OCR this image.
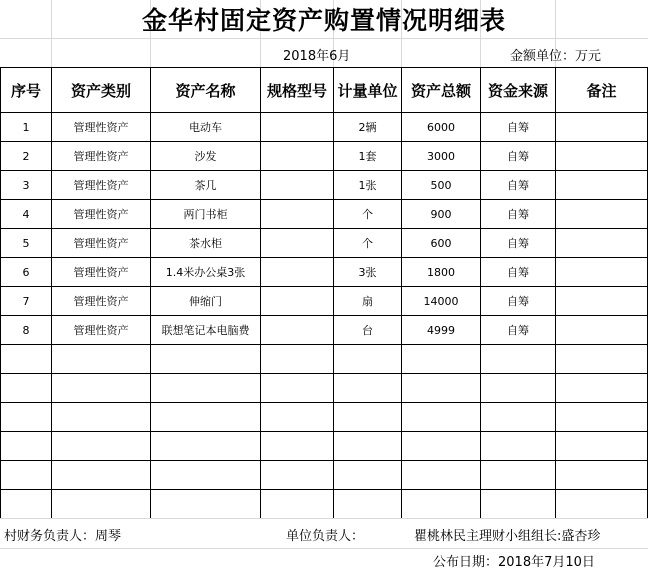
金华村固定资产购置情况明细表
2018年6月	金额单位：万元
序号	资产类别	资产名称	规格型号	计量单位	资产总额	资金来源	备注
1	管理性资产	电动车		2辆	6000	自筹	
2	管理性资产	沙发		1套	3000	自筹	
3	管理性资产	茶几		1张	500	自筹	
4	管理性资产	两门书柜		个	900	自筹	
5	管理性资产	茶水柜		个	600	自筹	
6	管理性资产	1.4米办公桌3张		3张	1800	自筹	
7	管理性资产	伸缩门		扇	14000	自筹	
8	管理性资产	联想笔记本电脑费		台	4999	自筹	

村财务负责人：周琴	单位负责人：	瞿桃林民主理财小组组长:盛杏珍
公布日期：2018年7月10日
